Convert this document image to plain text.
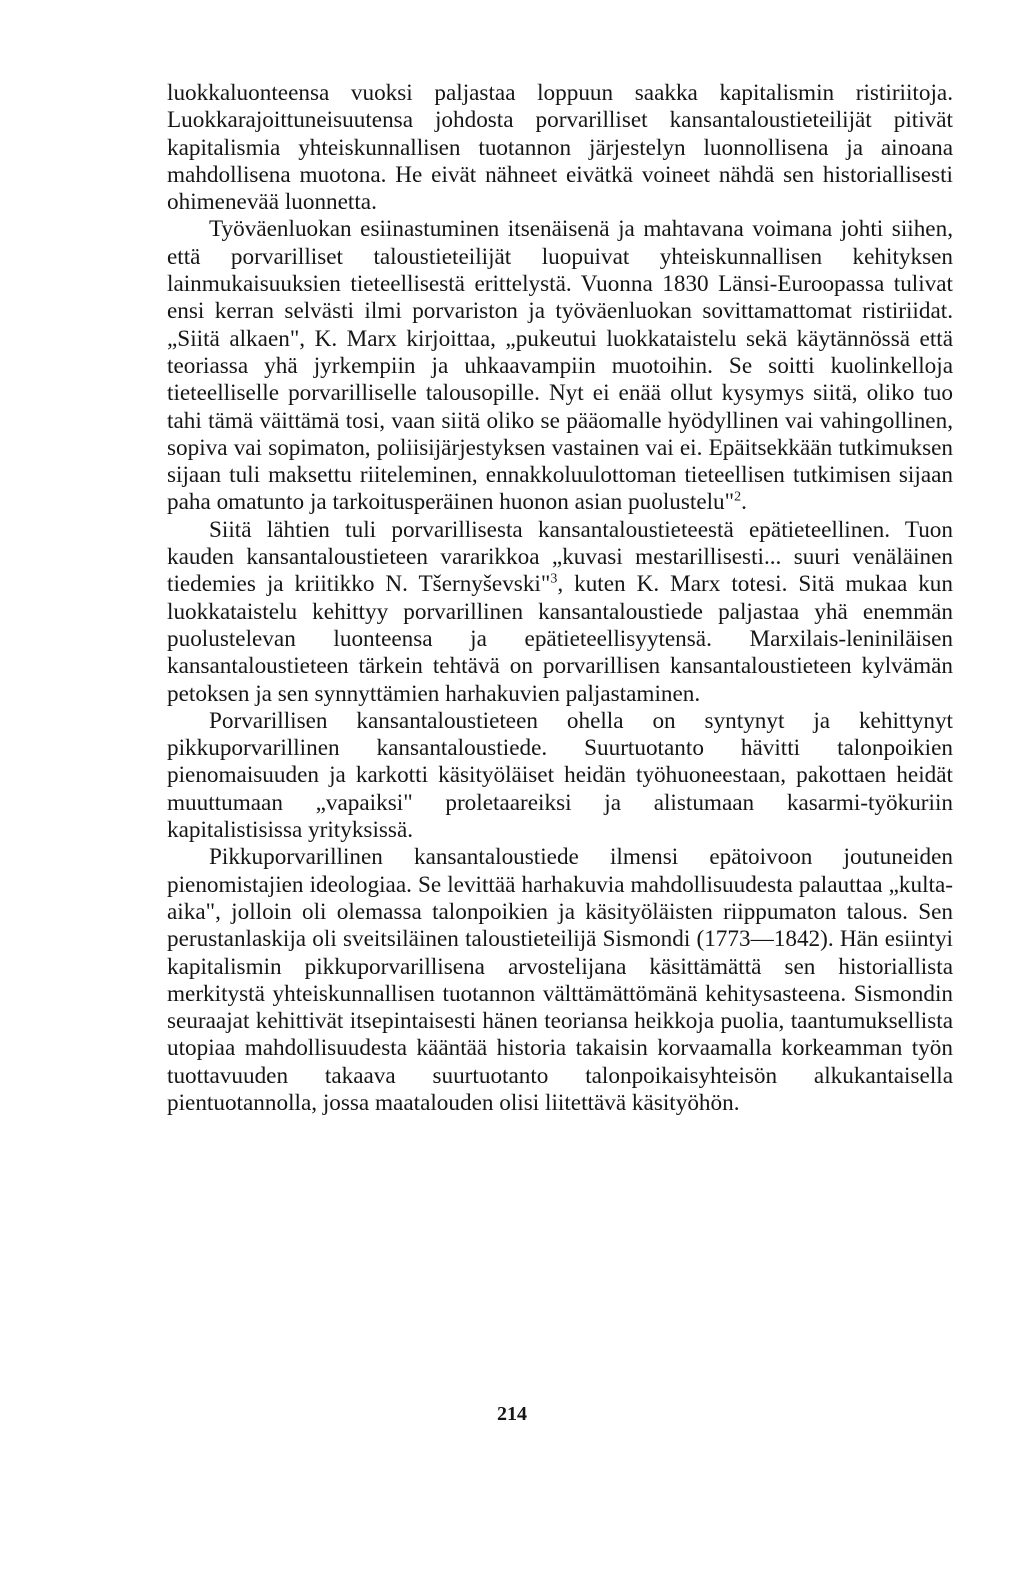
luokkaluonteensa vuoksi paljastaa loppuun saakka kapitalismin ristiriitoja. Luokkarajoittuneisuutensa johdosta porvarilliset kansantaloustieteilijät pitivät kapitalismia yhteiskunnallisen tuotannon järjestelyn luonnollisena ja ainoana mahdollisena muotona. He eivät nähneet eivätkä voineet nähdä sen historiallisesti ohimenevää luonnetta.

Työväenluokan esiinastuminen itsenäisenä ja mahtavana voimana johti siihen, että porvarilliset taloustieteilijät luopuivat yhteiskunnallisen kehityksen lainmukaisuuksien tieteellisestä erittelystä. Vuonna 1830 Länsi-Euroopassa tulivat ensi kerran selvästi ilmi porvariston ja työväenluokan sovittamattomat ristiriidat. „Siitä alkaen", K. Marx kirjoittaa, „pukeutui luokkataistelu sekä käytännössä että teoriassa yhä jyrkempiin ja uhkaavampiin muotoihin. Se soitti kuolinkelloja tieteelliselle porvarilliselle talousopille. Nyt ei enää ollut kysymys siitä, oliko tuo tahi tämä väittämä tosi, vaan siitä oliko se pääomalle hyödyllinen vai vahingollinen, sopiva vai sopimaton, poliisijärjestyksen vastainen vai ei. Epäitsekkään tutkimuksen sijaan tuli maksettu riiteleminen, ennakkoluulottoman tieteellisen tutkimisen sijaan paha omatunto ja tarkoitusperäinen huonon asian puolustelu"$^2$.

Siitä lähtien tuli porvarillisesta kansantaloustieteestä epätieteellinen. Tuon kauden kansantaloustieteen vararikkoa „kuvasi mestarillisesti... suuri venäläinen tiedemies ja kriitikko N. Tšernyševski"$^3$, kuten K. Marx totesi. Sitä mukaa kun luokkataistelu kehittyy porvarillinen kansantaloustiede paljastaa yhä enemmän puolustelevan luonteensa ja epätieteellisyytensä. Marxilais-leniniläisen kansantaloustieteen tärkein tehtävä on porvarillisen kansantaloustieteen kylvämän petoksen ja sen synnyttämien harhakuvien paljastaminen.

Porvarillisen kansantaloustieteen ohella on syntynyt ja kehittynyt pikkuporvarillinen kansantaloustiede. Suurtuotanto hävitti talonpoikien pienomaisuuden ja karkotti käsityöläiset heidän työhuoneestaan, pakottaen heidät muuttumaan „vapaiksi" proletaareiksi ja alistumaan kasarmi-työkuriin kapitalistisissa yrityksissä.

Pikkuporvarillinen kansantaloustiede ilmensi epätoivoon joutuneiden pienomistajien ideologiaa. Se levittää harhakuvia mahdollisuudesta palauttaa „kulta-aika", jolloin oli olemassa talonpoikien ja käsityöläisten riippumaton talous. Sen perustanlaskija oli sveitsiläinen taloustieteilijä Sismondi (1773—1842). Hän esiintyi kapitalismin pikkuporvarillisena arvostelijana käsittämättä sen historiallista merkitystä yhteiskunnallisen tuotannon välttämättömänä kehitysasteena. Sismondin seuraajat kehittivät itsepintaisesti hänen teoriansa heikkoja puolia, taantumuksellista utopiaa mahdollisuudesta kääntää historia takaisin korvaamalla korkeamman työn tuottavuuden takaava suurtuotanto talonpoikaisyhteisön alkukantaisella pientuotannolla, jossa maatalouden olisi liitettävä käsityöhön.

214
